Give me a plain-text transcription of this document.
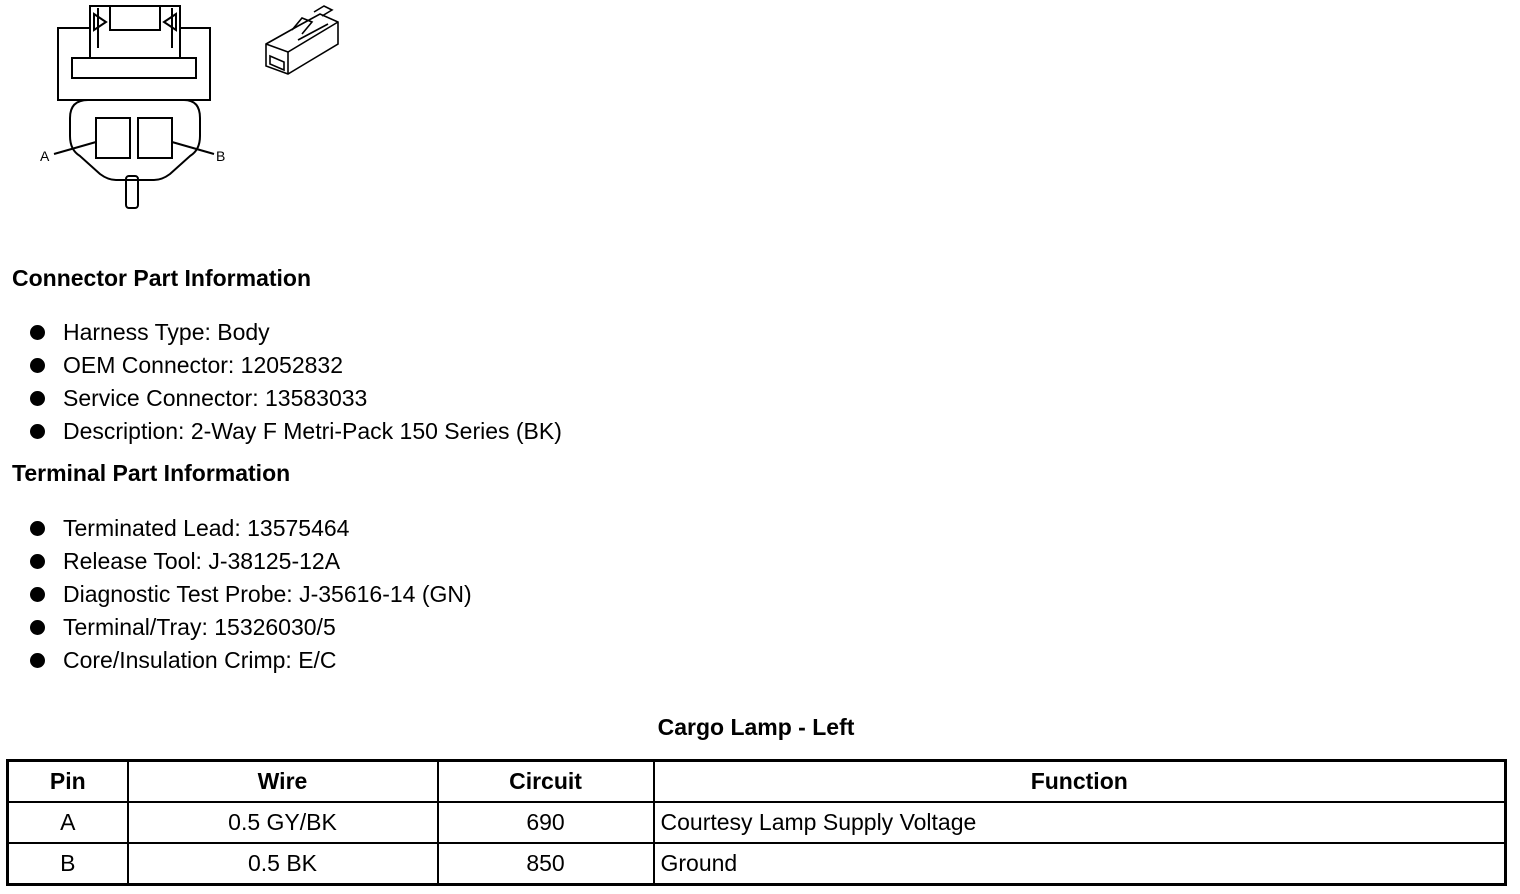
A	B
Connector Part Information
Harness Type: Body
OEM Connector: 12052832
Service Connector: 13583033
Description: 2-Way F Metri-Pack 150 Series (BK)
Terminal Part Information
Terminated Lead: 13575464
Release Tool: J-38125-12A
Diagnostic Test Probe: J-35616-14 (GN)
Terminal/Tray: 15326030/5
Core/Insulation Crimp: E/C
Cargo Lamp - Left
Pin	Wire	Circuit	Function
A	0.5 GY/BK	690	Courtesy Lamp Supply Voltage
B	0.5 BK	850	Ground
